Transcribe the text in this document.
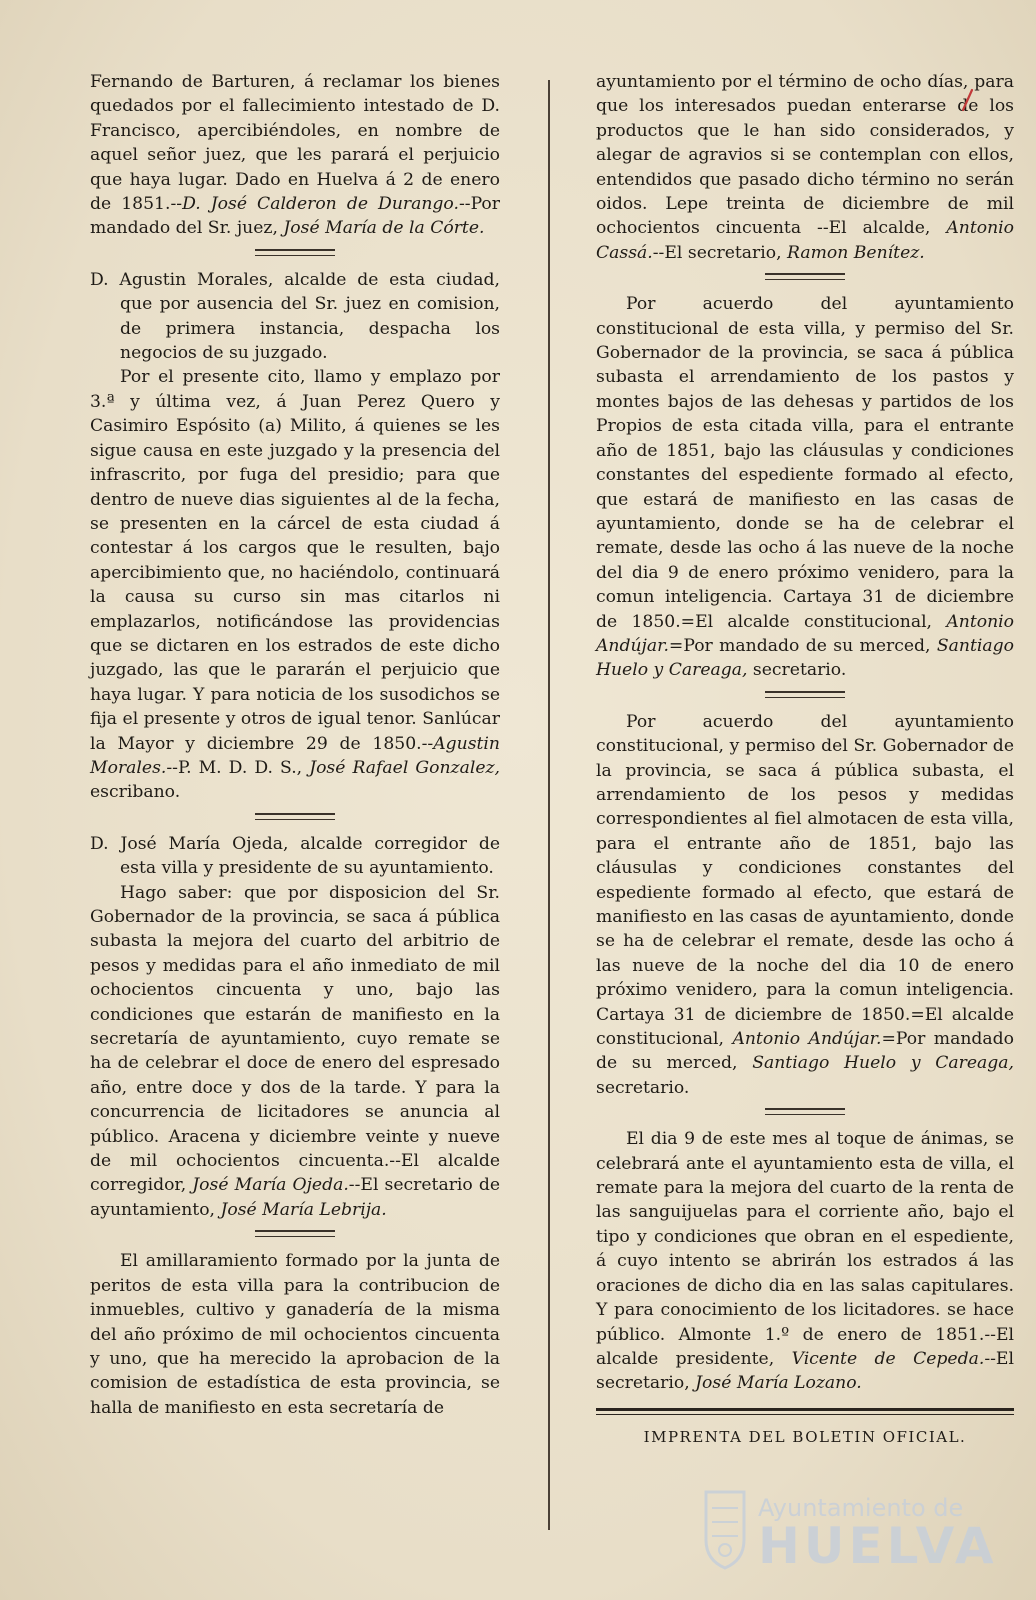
Fernando de Barturen, á reclamar los bienes quedados por el fallecimiento intestado de D. Francisco, apercibiéndoles, en nombre de aquel señor juez, que les parará el perjuicio que haya lugar. Dado en Huelva á 2 de enero de 1851.--D. José Calderon de Durango.--Por mandado del Sr. juez, José María de la Córte.

D. Agustin Morales, alcalde de esta ciudad, que por ausencia del Sr. juez en comision, de primera instancia, despacha los negocios de su juzgado.

Por el presente cito, llamo y emplazo por 3.ª y última vez, á Juan Perez Quero y Casimiro Espósito (a) Milito, á quienes se les sigue causa en este juzgado y la presencia del infrascrito, por fuga del presidio; para que dentro de nueve dias siguientes al de la fecha, se presenten en la cárcel de esta ciudad á contestar á los cargos que le resulten, bajo apercibimiento que, no haciéndolo, continuará la causa su curso sin mas citarlos ni emplazarlos, notificándose las providencias que se dictaren en los estrados de este dicho juzgado, las que le pararán el perjuicio que haya lugar. Y para noticia de los susodichos se fija el presente y otros de igual tenor. Sanlúcar la Mayor y diciembre 29 de 1850.--Agustin Morales.--P. M. D. D. S., José Rafael Gonzalez, escribano.

D. José María Ojeda, alcalde corregidor de esta villa y presidente de su ayuntamiento.

Hago saber: que por disposicion del Sr. Gobernador de la provincia, se saca á pública subasta la mejora del cuarto del arbitrio de pesos y medidas para el año inmediato de mil ochocientos cincuenta y uno, bajo las condiciones que estarán de manifiesto en la secretaría de ayuntamiento, cuyo remate se ha de celebrar el doce de enero del espresado año, entre doce y dos de la tarde. Y para la concurrencia de licitadores se anuncia al público. Aracena y diciembre veinte y nueve de mil ochocientos cincuenta.--El alcalde corregidor, José María Ojeda.--El secretario de ayuntamiento, José María Lebrija.

El amillaramiento formado por la junta de peritos de esta villa para la contribucion de inmuebles, cultivo y ganadería de la misma del año próximo de mil ochocientos cincuenta y uno, que ha merecido la aprobacion de la comision de estadística de esta provincia, se halla de manifiesto en esta secretaría de

ayuntamiento por el término de ocho días, para que los interesados puedan enterarse de los productos que le han sido considerados, y alegar de agravios si se contemplan con ellos, entendidos que pasado dicho término no serán oidos. Lepe treinta de diciembre de mil ochocientos cincuenta --El alcalde, Antonio Cassá.--El secretario, Ramon Benítez.

Por acuerdo del ayuntamiento constitucional de esta villa, y permiso del Sr. Gobernador de la provincia, se saca á pública subasta el arrendamiento de los pastos y montes bajos de las dehesas y partidos de los Propios de esta citada villa, para el entrante año de 1851, bajo las cláusulas y condiciones constantes del espediente formado al efecto, que estará de manifiesto en las casas de ayuntamiento, donde se ha de celebrar el remate, desde las ocho á las nueve de la noche del dia 9 de enero próximo venidero, para la comun inteligencia. Cartaya 31 de diciembre de 1850.=El alcalde constitucional, Antonio Andújar.=Por mandado de su merced, Santiago Huelo y Careaga, secretario.

Por acuerdo del ayuntamiento constitucional, y permiso del Sr. Gobernador de la provincia, se saca á pública subasta, el arrendamiento de los pesos y medidas correspondientes al fiel almotacen de esta villa, para el entrante año de 1851, bajo las cláusulas y condiciones constantes del espediente formado al efecto, que estará de manifiesto en las casas de ayuntamiento, donde se ha de celebrar el remate, desde las ocho á las nueve de la noche del dia 10 de enero próximo venidero, para la comun inteligencia. Cartaya 31 de diciembre de 1850.=El alcalde constitucional, Antonio Andújar.=Por mandado de su merced, Santiago Huelo y Careaga, secretario.

El dia 9 de este mes al toque de ánimas, se celebrará ante el ayuntamiento esta de villa, el remate para la mejora del cuarto de la renta de las sanguijuelas para el corriente año, bajo el tipo y condiciones que obran en el espediente, á cuyo intento se abrirán los estrados á las oraciones de dicho dia en las salas capitulares. Y para conocimiento de los licitadores. se hace público. Almonte 1.º de enero de 1851.--El alcalde presidente, Vicente de Cepeda.--El secretario, José María Lozano.

IMPRENTA DEL BOLETIN OFICIAL.
Ayuntamiento de
HUELVA
